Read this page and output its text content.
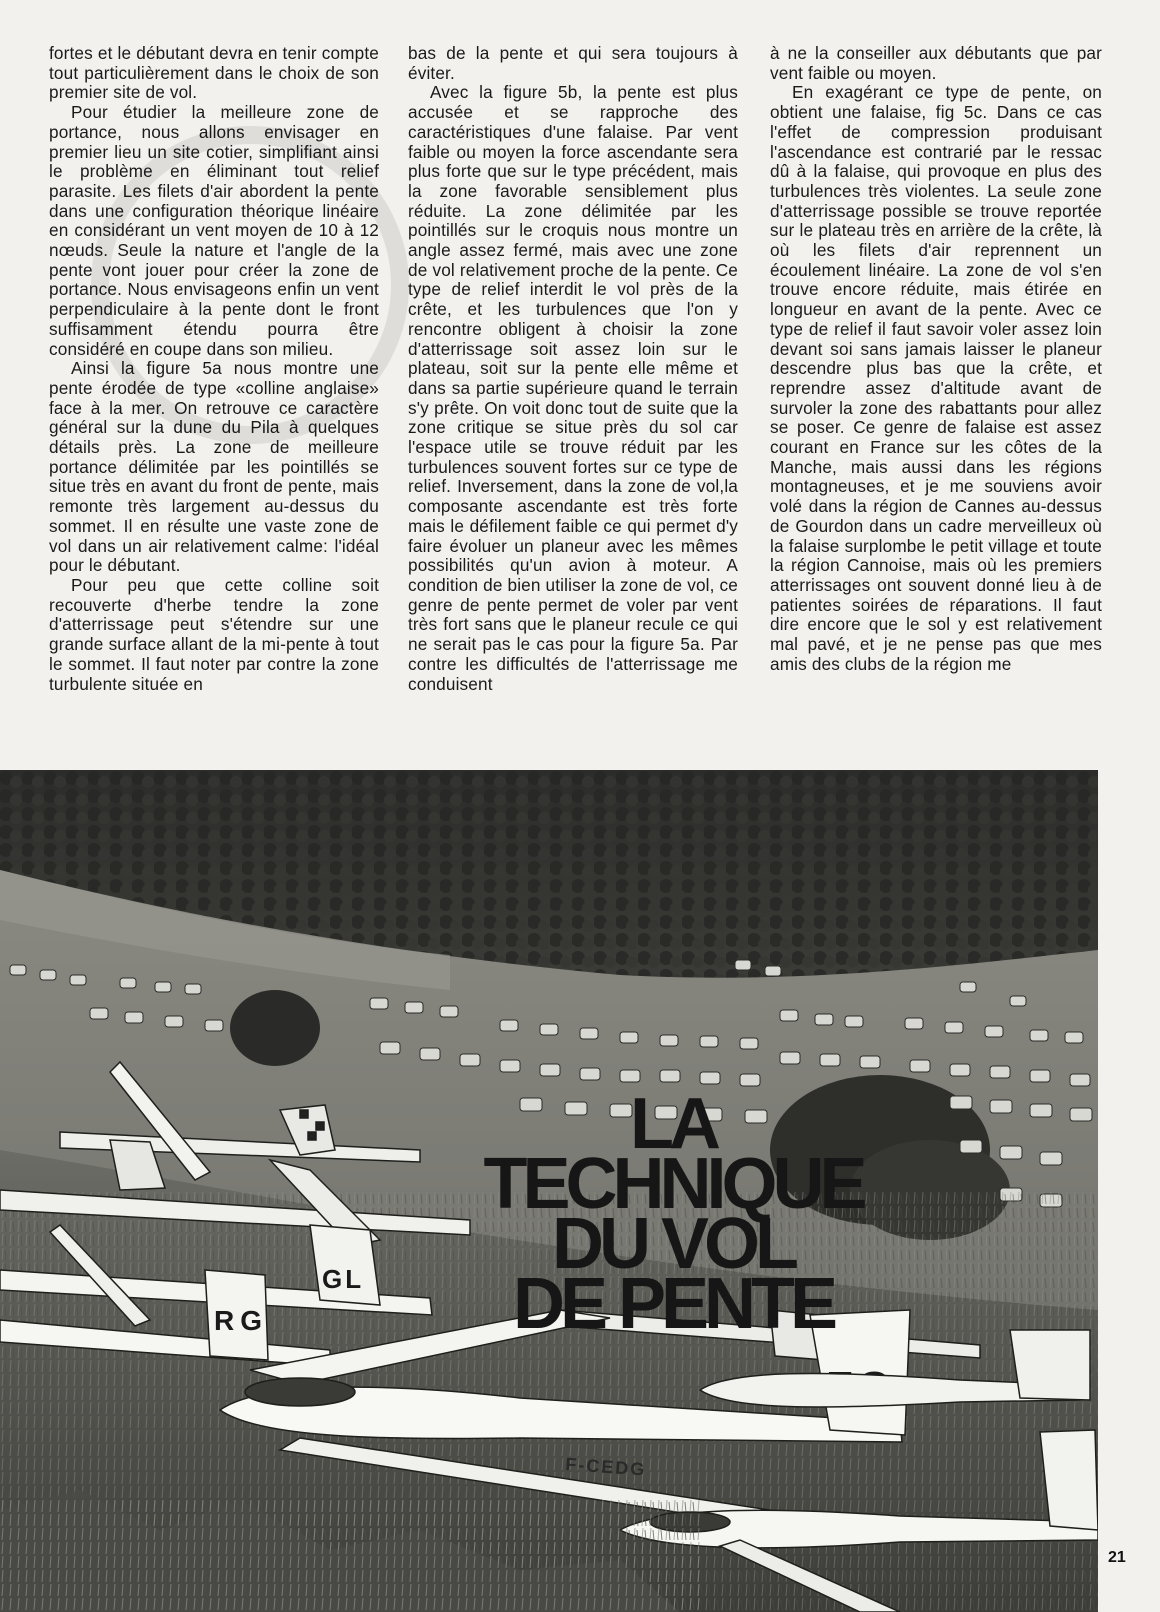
fortes et le débutant devra en tenir compte tout particulièrement dans le choix de son premier site de vol.

Pour étudier la meilleure zone de portance, nous allons envisager en premier lieu un site cotier, simplifiant ainsi le problème en éliminant tout relief parasite. Les filets d'air abordent la pente dans une configuration théorique linéaire en considérant un vent moyen de 10 à 12 nœuds. Seule la nature et l'angle de la pente vont jouer pour créer la zone de portance. Nous envisageons enfin un vent perpendiculaire à la pente dont le front suffisamment étendu pourra être considéré en coupe dans son milieu.

Ainsi la figure 5a nous montre une pente érodée de type «colline anglaise» face à la mer. On retrouve ce caractère général sur la dune du Pila à quelques détails près. La zone de meilleure portance délimitée par les pointillés se situe très en avant du front de pente, mais remonte très largement au-dessus du sommet. Il en résulte une vaste zone de vol dans un air relativement calme: l'idéal pour le débutant.

Pour peu que cette colline soit recouverte d'herbe tendre la zone d'atterrissage peut s'étendre sur une grande surface allant de la mi-pente à tout le sommet. Il faut noter par contre la zone turbulente située en

bas de la pente et qui sera toujours à éviter.

Avec la figure 5b, la pente est plus accusée et se rapproche des caractéristiques d'une falaise. Par vent faible ou moyen la force ascendante sera plus forte que sur le type précédent, mais la zone favorable sensiblement plus réduite. La zone délimitée par les pointillés sur le croquis nous montre un angle assez fermé, mais avec une zone de vol relativement proche de la pente. Ce type de relief interdit le vol près de la crête, et les turbulences que l'on y rencontre obligent à choisir la zone d'atterrissage soit assez loin sur le plateau, soit sur la pente elle même et dans sa partie supérieure quand le terrain s'y prête. On voit donc tout de suite que la zone critique se situe près du sol car l'espace utile se trouve réduit par les turbulences souvent fortes sur ce type de relief. Inversement, dans la zone de vol,la composante ascendante est très forte mais le défilement faible ce qui permet d'y faire évoluer un planeur avec les mêmes possibilités qu'un avion à moteur. A condition de bien utiliser la zone de vol, ce genre de pente permet de voler par vent très fort sans que le planeur recule ce qui ne serait pas le cas pour la figure 5a. Par contre les difficultés de l'atterrissage me conduisent

à ne la conseiller aux débutants que par vent faible ou moyen.

En exagérant ce type de pente, on obtient une falaise, fig 5c. Dans ce cas l'effet de compression produisant l'ascendance est contrarié par le ressac dû à la falaise, qui provoque en plus des turbulences très violentes. La seule zone d'atterrissage possible se trouve reportée sur le plateau très en arrière de la crête, là où les filets d'air reprennent un écoulement linéaire. La zone de vol s'en trouve encore réduite, mais étirée en longueur en avant de la pente. Avec ce type de relief il faut savoir voler assez loin devant soi sans jamais laisser le planeur descendre plus bas que la crête, et reprendre assez d'altitude avant de survoler la zone des rabattants pour allez se poser. Ce genre de falaise est assez courant en France sur les côtes de la Manche, mais aussi dans les régions montagneuses, et je me souviens avoir volé dans la région de Cannes au-dessus de Gourdon dans un cadre merveilleux où la falaise surplombe le petit village et toute la région Cannoise, mais où les premiers atterrissages ont souvent donné lieu à de patientes soirées de réparations. Il faut dire encore que le sol y est relativement mal pavé, et je ne pense pas que mes amis des clubs de la région me

GL
RG
F-CEDG
LA
TECHNIQUE
DU VOL
DE PENTE
21
